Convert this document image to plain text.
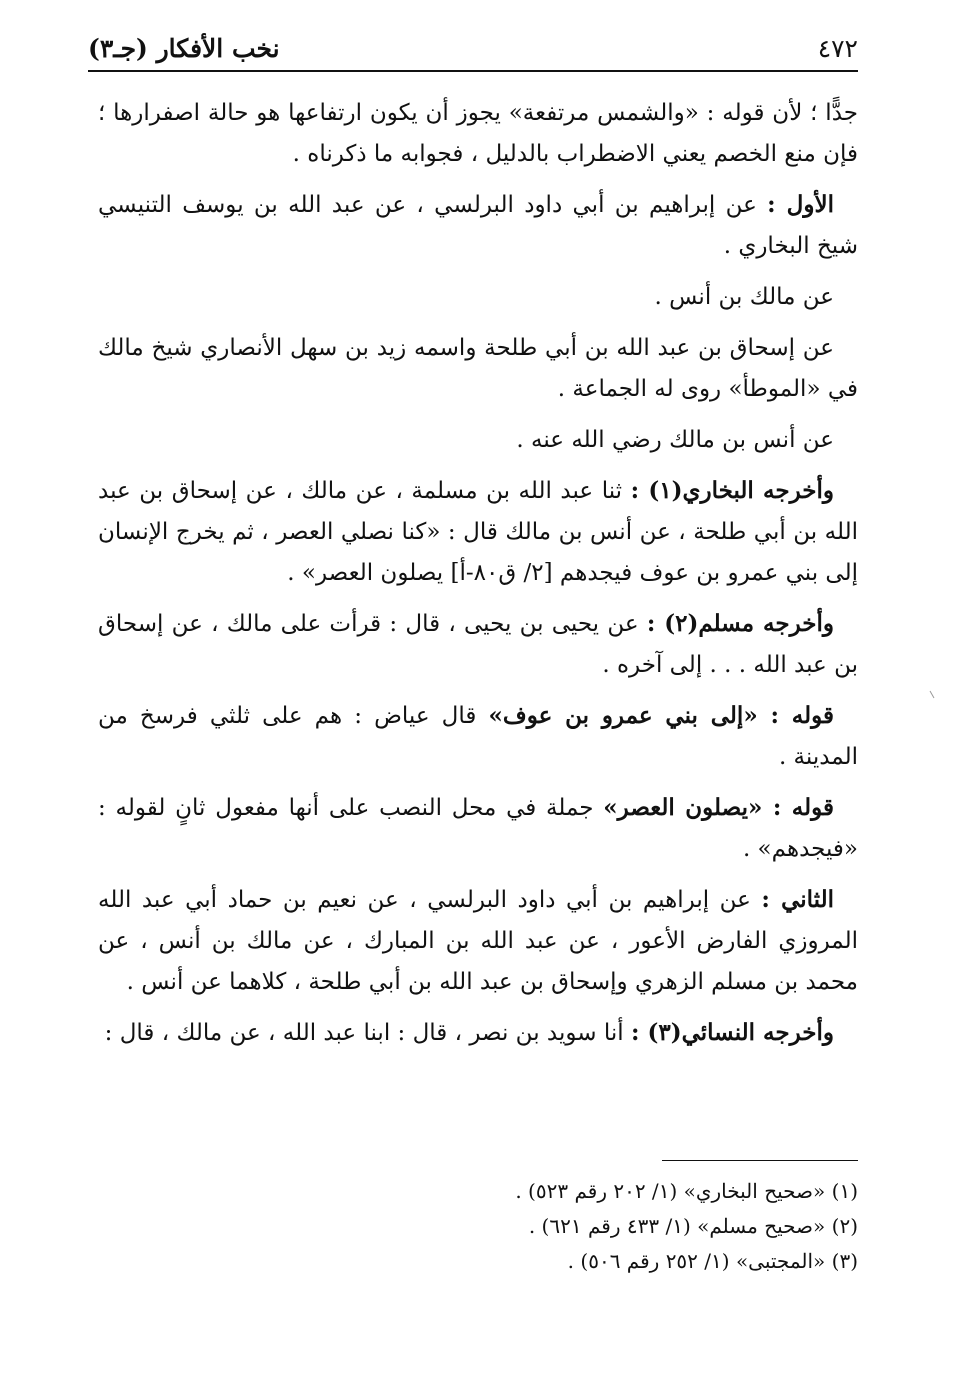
٤٧٢
نخب الأفكار (جـ٣)

جدًّا ؛ لأن قوله : «والشمس مرتفعة» يجوز أن يكون ارتفاعها هو حالة اصفرارها ؛ فإن منع الخصم يعني الاضطراب بالدليل ، فجوابه ما ذكرناه .

الأول : عن إبراهيم بن أبي داود البرلسي ، عن عبد الله بن يوسف التنيسي شيخ البخاري .

عن مالك بن أنس .

عن إسحاق بن عبد الله بن أبي طلحة واسمه زيد بن سهل الأنصاري شيخ مالك في «الموطأ» روى له الجماعة .

عن أنس بن مالك رضي الله عنه .

وأخرجه البخاري(١) : ثنا عبد الله بن مسلمة ، عن مالك ، عن إسحاق بن عبد الله بن أبي طلحة ، عن أنس بن مالك قال : «كنا نصلي العصر ، ثم يخرج الإنسان إلى بني عمرو بن عوف فيجدهم [٢/ ق٨٠-أ] يصلون العصر» .

وأخرجه مسلم(٢) : عن يحيى بن يحيى ، قال : قرأت على مالك ، عن إسحاق بن عبد الله . . . إلى آخره .

قوله : «إلى بني عمرو بن عوف» قال عياض : هم على ثلثي فرسخ من المدينة .

قوله : «يصلون العصر» جملة في محل النصب على أنها مفعول ثانٍ لقوله : «فيجدهم» .

الثاني : عن إبراهيم بن أبي داود البرلسي ، عن نعيم بن حماد أبي عبد الله المروزي الفارض الأعور ، عن عبد الله بن المبارك ، عن مالك بن أنس ، عن محمد بن مسلم الزهري وإسحاق بن عبد الله بن أبي طلحة ، كلاهما عن أنس .

وأخرجه النسائي(٣) : أنا سويد بن نصر ، قال : ابنا عبد الله ، عن مالك ، قال :

(١) «صحيح البخاري» (١/ ٢٠٢ رقم ٥٢٣) .

(٢) «صحيح مسلم» (١/ ٤٣٣ رقم ٦٢١) .

(٣) «المجتبى» (١/ ٢٥٢ رقم ٥٠٦) .
